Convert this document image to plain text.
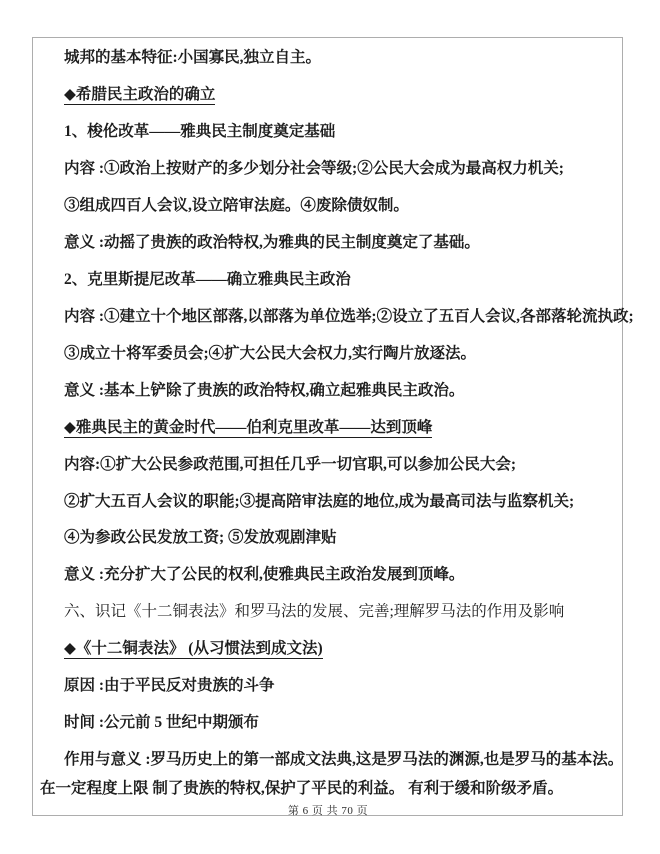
城邦的基本特征:小国寡民,独立自主。
◆希腊民主政治的确立
1、梭伦改革——雅典民主制度奠定基础
内容 :①政治上按财产的多少划分社会等级;②公民大会成为最高权力机关;
③组成四百人会议,设立陪审法庭。④废除债奴制。
意义 :动摇了贵族的政治特权,为雅典的民主制度奠定了基础。
2、克里斯提尼改革——确立雅典民主政治
内容 :①建立十个地区部落,以部落为单位选举;②设立了五百人会议,各部落轮流执政;
③成立十将军委员会;④扩大公民大会权力,实行陶片放逐法。
意义 :基本上铲除了贵族的政治特权,确立起雅典民主政治。
◆雅典民主的黄金时代——伯利克里改革——达到顶峰
内容:①扩大公民参政范围,可担任几乎一切官职,可以参加公民大会;
②扩大五百人会议的职能;③提高陪审法庭的地位,成为最高司法与监察机关;
④为参政公民发放工资; ⑤发放观剧津贴
意义 :充分扩大了公民的权利,使雅典民主政治发展到顶峰。
六、识记《十二铜表法》和罗马法的发展、完善;理解罗马法的作用及影响
◆《十二铜表法》 (从习惯法到成文法)
原因 :由于平民反对贵族的斗争
时间 :公元前 5 世纪中期颁布
作用与意义 :罗马历史上的第一部成文法典,这是罗马法的渊源,也是罗马的基本法。
在一定程度上限 制了贵族的特权,保护了平民的利益。 有利于缓和阶级矛盾。
第 6 页 共 70 页
